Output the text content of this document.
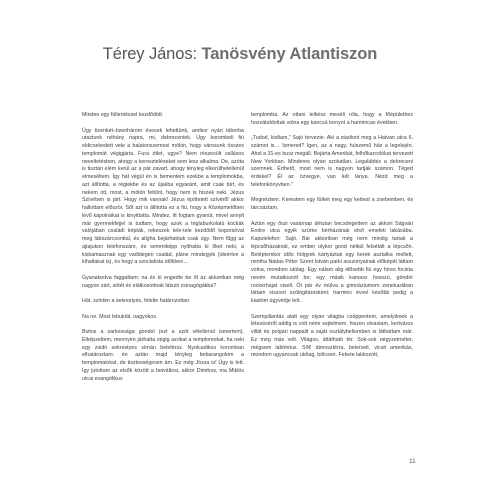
Térey János: Tanösvény Atlantiszon

Minden egy füllentéssel kezdődött.

Úgy tizenkét–tizenhárom évesek lehettünk, amikor nyári táborba utaztunk néhány napra, mi, debreceniek. Úgy korombeli fiú eldicsekedett vele a balatonszemesi mólón, hogy városunk összes templomát végigjárta. Fura ötlet, ugye? Nem részesült vallásos neveltetésben, ahogy a kereszteléseket sem lesz alkalma. De, azóta is tisztán elém kerül az a pár zavart, ahogy tényleg elkerülhetetlenül elmeséltem. Így hát végül én is bementem ezekbe a templomokba, azt állította, a régiekbe és az újakba egyaránt, amit csak bírt, és nekem ott, most, a mólón feltűnt, hogy nem is hiszek neki. Jézus Szívében is járt. Hogy mik vannak! Jézus építtetett szívéről akkor hallottam először. Sőt azt is állította ez a fiú, hogy a Középmetőben lévő kápolnákat is kinyittatta. Mindez, itt fogtam gyanút, mivel annyit már gyermekfejjel is tudtam, hogy azok a téglaburkolatú kockák valójában családi kripták, rekeszek tele-tele kezdődő koporsóval meg lábszárcsonttal, és aligha bejárhatóak csak úgy. Nem fűgg az ajtajukon telefonszám, és semmiképp nyithatta ki őket neki, a kiskamasznak egy vadidegen család, pláne mindegyik (ideértve a kihaltakat is), és hogy a szocialista időkben…

Gyanakodva faggattam: na és ki engedte be őt az akkoriban még nagyon zárt, sötét és elátkozottnak látszó zsinagógákba?

Hát, szintén a sekrestyés, felelte határozottan.

Na ne. Most lebuktál, nagyokos.

Biztos a sarkossága gondol (ezt a szót véletlenül ismertem). Elképzeltem, mennyire járhatta végig azokat a templomokat, ha neki egy zsidó sekrestyés sírnán beleférsz. Nyolcadikos koromban elhatároztam: én aztán majd tényleg bebarangolom a templomainkat, de tisztességesen ám. Ez még Józsa is! Úgy is lett. Így jutottam az elsők között a beiváltosi, akkor Dimitrov, ma Miklós utcai evangélikus

templomba. Az ottani lelkész meséli róla, hogy a főépülethez hozzátoldottak volna egy kancsú tornyot a harmincas években.

„Tudod, kisfiam,” Sajó tervezte. Aki a stadiont meg a Hatvan utca 6. számot is… Ismered? Igen, az a nagy, húszemű ház a legelején. Ahol a 31-es busz megáll. Bejárta Amerikát, felhőkarcolókat tervezett New Yorkban. Mindenre olyan szokatlan. Legalábbis a debreceni szemnek. Érthető, most nem is nagyon tartják számon. Téged érdekel? Él az özvegye, van két lánya. Nézd meg a telefonkönyvben.”

Megnéztem. Kerestem egy fülkét meg egy kettest a zsebemben, és tárcsáztam.

Aztán egy őszi vasárnap délutan becsöngettem az akkori Ságvári Endre utca egyik szürke bérházának első emeleti lakásába. Kaputelefon: Sajó. Bár akkoriban még nem mindig tartak a lépcsőházaknál, ez ember olykor gond nélkül felsétált a lépcsőn. Beléptemkor idős hölgyek kártyáztak egy kerek asztalka mellett, mintha Nádas Péter Szent István parki asszonyainak előképét láttam volna, mondom utólag. Egy nálam alig idősebb fiú egy híres focista nevén mutatkozott be; egy másik kamasz hosszú, göndör rockerhajat viselt. Őt pár év múlva a gimnáziumom zenekarában láttam viszont szólógitárosként; harminc évvel később pedig a kiadóm ügyvédje lett.

Szempillantás alatt egy olyan világba csöppentem, amelyiknek a létezéséről addig is volt némi sejtelmem, hiszen olvastam, kertváros villát és polgári nappalit a saját osztálybeliemben is láthattam már. Ez még más volt. Világos, átlátható tér. Sok-sok négyzetméter, mégsem labirintus. Sőt! átmosztérra, beleívelt, vicsit amerikás, mondom ugyancsak utólag, bölcsen. Fekete lakkozott,

11
